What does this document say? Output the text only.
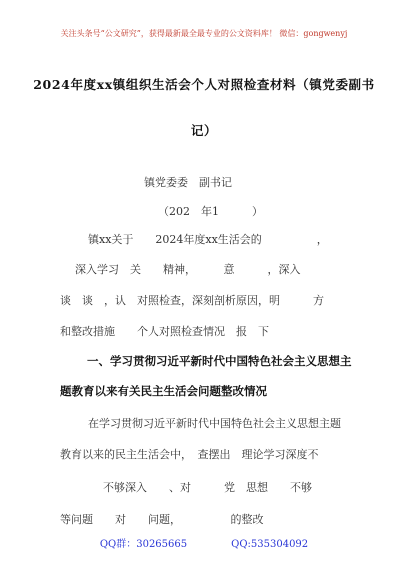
关注头条号“公文研究”，获得最新最全最专业的公文资料库！ 微信：gongwenyj
2024年度xx镇组织生活会个人对照检查材料（镇党委副书
记）
镇党委委　副书记
（202　年1　　　）
镇xx关于　　2024年度xx生活会的　　　　　，
深入学习　关　　精神，　　　意　　　，深入
谈　谈　，认　对照检查，深刻剖析原因，明　　　方
和整改措施　　个人对照检查情况　报　下
一、学习贯彻习近平新时代中国特色社会主义思想主
题教育以来有关民主生活会问题整改情况
在学习贯彻习近平新时代中国特色社会主义思想主题
教育以来的民主生活会中，　查摆出　理论学习深度不
不够深入　　、对　　　党　思想　　不够
等问题　　对　　问题，　　　　　的整改
QQ群：30265665	QQ:535304092
